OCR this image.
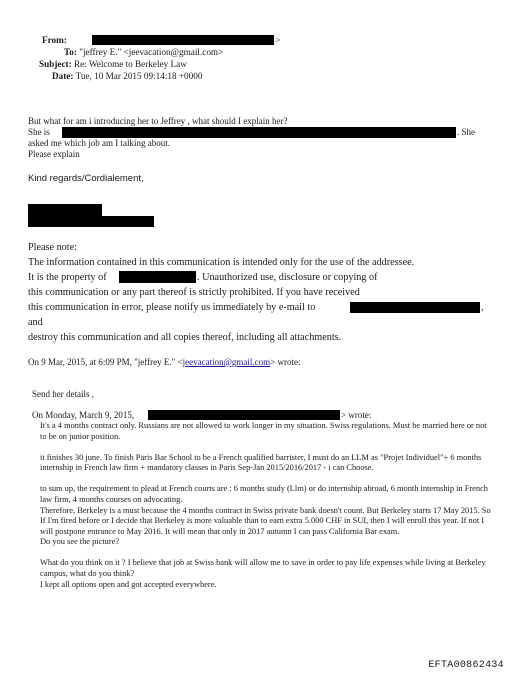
From:	>
To: "jeffrey E." <jeevacation@gmail.com>
Subject: Re: Welcome to Berkeley Law
Date: Tue, 10 Mar 2015 09:14:18 +0000
But what for am i introducing her to Jeffrey , what should I explain her?
She is	. She
asked me which job am I talking about.
Please explain
Kind regards/Cordialement,
Please note:
The information contained in this communication is intended only for the use of the addressee.
It is the property of	. Unauthorized use, disclosure or copying of
this communication or any part thereof is strictly prohibited. If you have received
this communication in error, please notify us immediately by e-mail to	,
and
destroy this communication and all copies thereof, including all attachments.
On 9 Mar, 2015, at 6:09 PM, "jeffrey E." <jeevacation@gmail.com> wrote:
Send her details ,
On Monday, March 9, 2015,	> wrote:

It's a 4 months contract only. Russians are not allowed to work longer in my situation. Swiss regulations. Must be married here or not to be on junior position.

it finishes 30 june. To finish Paris Bar School to be a French qualified barrister, I must do an LLM as "Projet Individuel"+ 6 months internship in French law firm + mandatory classes in Paris Sep-Jan 2015/2016/2017 - i can Choose.

to sum up, the requirement to plead at French courts are : 6 months study (Llm) or do internship abroad, 6 month internship in French law firm, 4 months courses on advocating.

Therefore, Berkeley is a must because the 4 months contract in Swiss private bank doesn't count. But Berkeley starts 17 May 2015. So If I'm fired before or I decide that Berkeley is more valuable than to earn extra 5.000 CHF in SUI, then I will enroll this year. If not I will postpone entrance to May 2016. It will mean that only in 2017 autumn I can pass California Bar exam.

Do you see the picture?

What do you think on it ? I believe that job at Swiss bank will allow me to save in order to pay life expenses while living at Berkeley campus, what do you think?

I kept all options open and got accepted everywhere.

EFTA00862434
